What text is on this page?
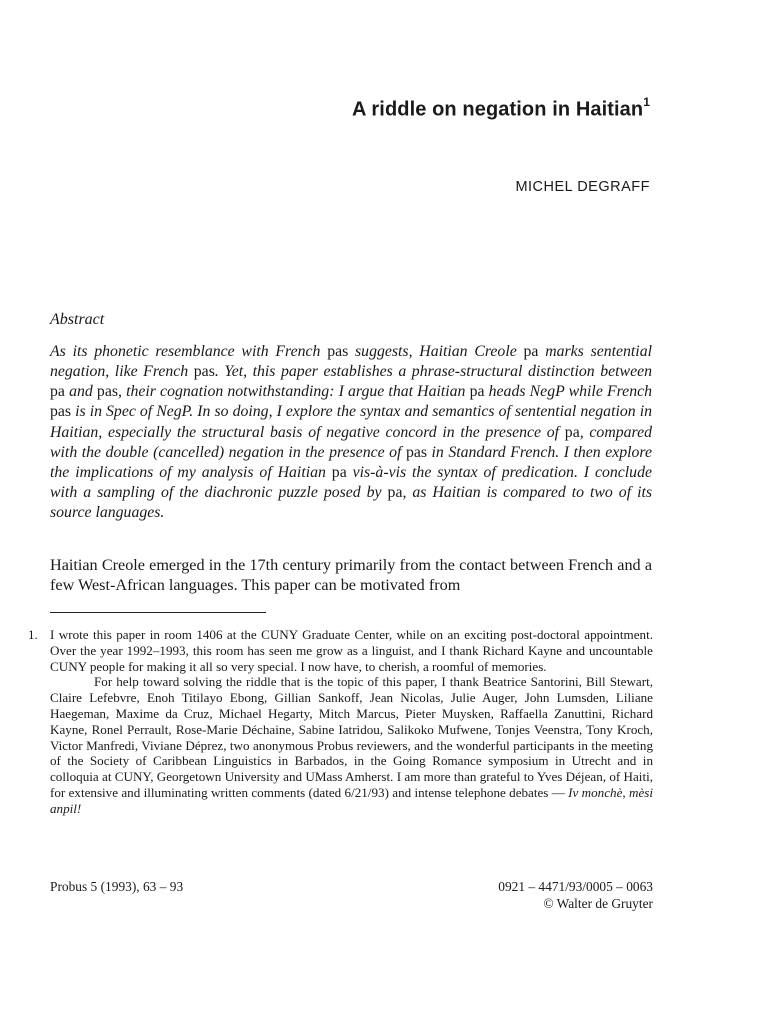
A riddle on negation in Haitian$^1$
MICHEL DEGRAFF
Abstract

As its phonetic resemblance with French pas suggests, Haitian Creole pa marks sentential negation, like French pas. Yet, this paper establishes a phrase-structural distinction between pa and pas, their cognation notwithstanding: I argue that Haitian pa heads NegP while French pas is in Spec of NegP. In so doing, I explore the syntax and semantics of sentential negation in Haitian, especially the structural basis of negative concord in the presence of pa, compared with the double (cancelled) negation in the presence of pas in Standard French. I then explore the implications of my analysis of Haitian pa vis-à-vis the syntax of predication. I conclude with a sampling of the diachronic puzzle posed by pa, as Haitian is compared to two of its source languages.

Haitian Creole emerged in the 17th century primarily from the contact between French and a few West-African languages. This paper can be motivated from

1. I wrote this paper in room 1406 at the CUNY Graduate Center, while on an exciting post-doctoral appointment. Over the year 1992–1993, this room has seen me grow as a linguist, and I thank Richard Kayne and uncountable CUNY people for making it all so very special. I now have, to cherish, a roomful of memories.

For help toward solving the riddle that is the topic of this paper, I thank Beatrice Santorini, Bill Stewart, Claire Lefebvre, Enoh Titilayo Ebong, Gillian Sankoff, Jean Nicolas, Julie Auger, John Lumsden, Liliane Haegeman, Maxime da Cruz, Michael Hegarty, Mitch Marcus, Pieter Muysken, Raffaella Zanuttini, Richard Kayne, Ronel Perrault, Rose-Marie Déchaine, Sabine Iatridou, Salikoko Mufwene, Tonjes Veenstra, Tony Kroch, Victor Manfredi, Viviane Déprez, two anonymous Probus reviewers, and the wonderful participants in the meeting of the Society of Caribbean Linguistics in Barbados, in the Going Romance symposium in Utrecht and in colloquia at CUNY, Georgetown University and UMass Amherst. I am more than grateful to Yves Déjean, of Haiti, for extensive and illuminating written comments (dated 6/21/93) and intense telephone debates — Iv monchè, mèsi anpil!

Probus 5 (1993), 63 – 93	0921 – 4471/93/0005 – 0063
© Walter de Gruyter
